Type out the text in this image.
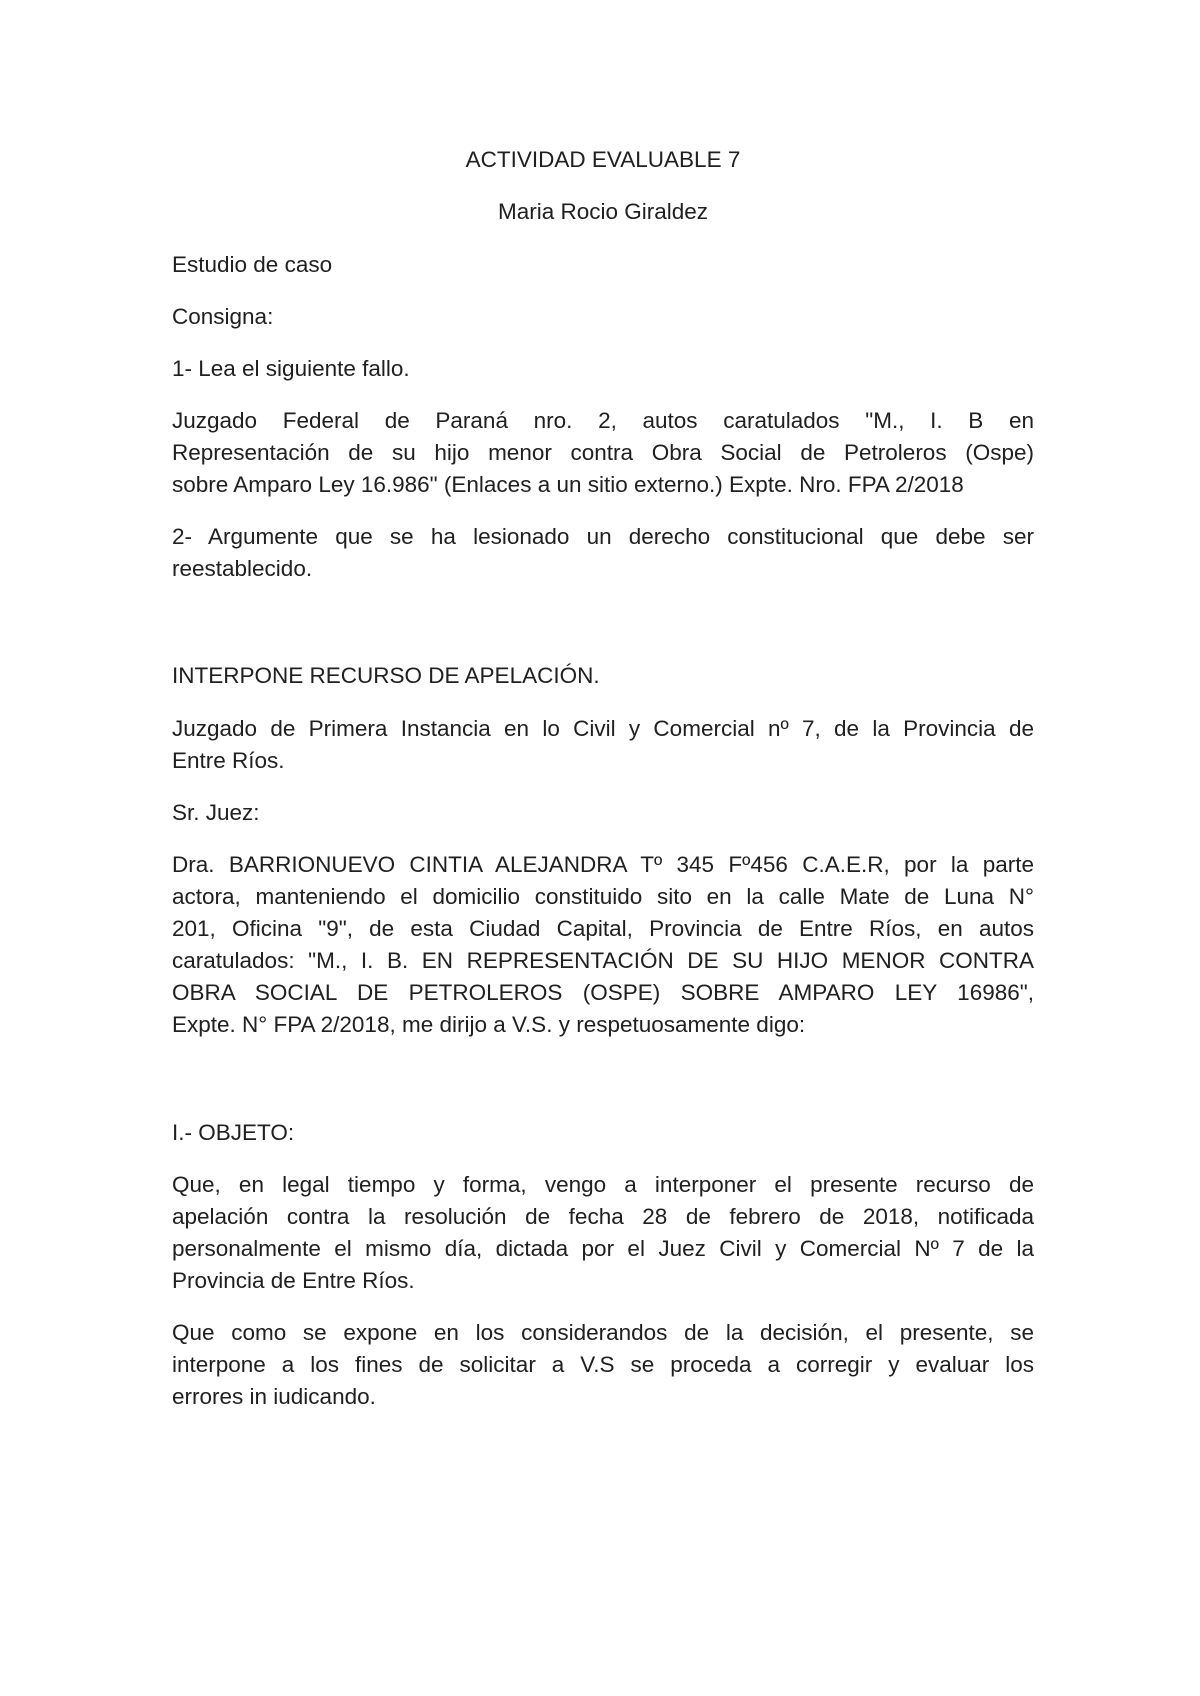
ACTIVIDAD EVALUABLE 7

Maria Rocio Giraldez

Estudio de caso

Consigna:

1- Lea el siguiente fallo.

Juzgado Federal de Paraná nro. 2, autos caratulados "M., I. B en
Representación de su hijo menor contra Obra Social de Petroleros (Ospe)
sobre Amparo Ley 16.986" (Enlaces a un sitio externo.) Expte. Nro. FPA 2/2018
2- Argumente que se ha lesionado un derecho constitucional que debe ser
reestablecido.

INTERPONE RECURSO DE APELACIÓN.

Juzgado de Primera Instancia en lo Civil y Comercial nº 7, de la Provincia de
Entre Ríos.

Sr. Juez:

Dra. BARRIONUEVO CINTIA ALEJANDRA Tº 345 Fº456 C.A.E.R, por la parte
actora, manteniendo el domicilio constituido sito en la calle Mate de Luna N°
201, Oficina "9", de esta Ciudad Capital, Provincia de Entre Ríos, en autos
caratulados: "M., I. B. EN REPRESENTACIÓN DE SU HIJO MENOR CONTRA
OBRA SOCIAL DE PETROLEROS (OSPE) SOBRE AMPARO LEY 16986",
Expte. N° FPA 2/2018, me dirijo a V.S. y respetuosamente digo:

I.- OBJETO:

Que, en legal tiempo y forma, vengo a interponer el presente recurso de
apelación contra la resolución de fecha 28 de febrero de 2018, notificada
personalmente el mismo día, dictada por el Juez Civil y Comercial Nº 7 de la
Provincia de Entre Ríos.
Que como se expone en los considerandos de la decisión, el presente, se
interpone a los fines de solicitar a V.S se proceda a corregir y evaluar los
errores in iudicando.
